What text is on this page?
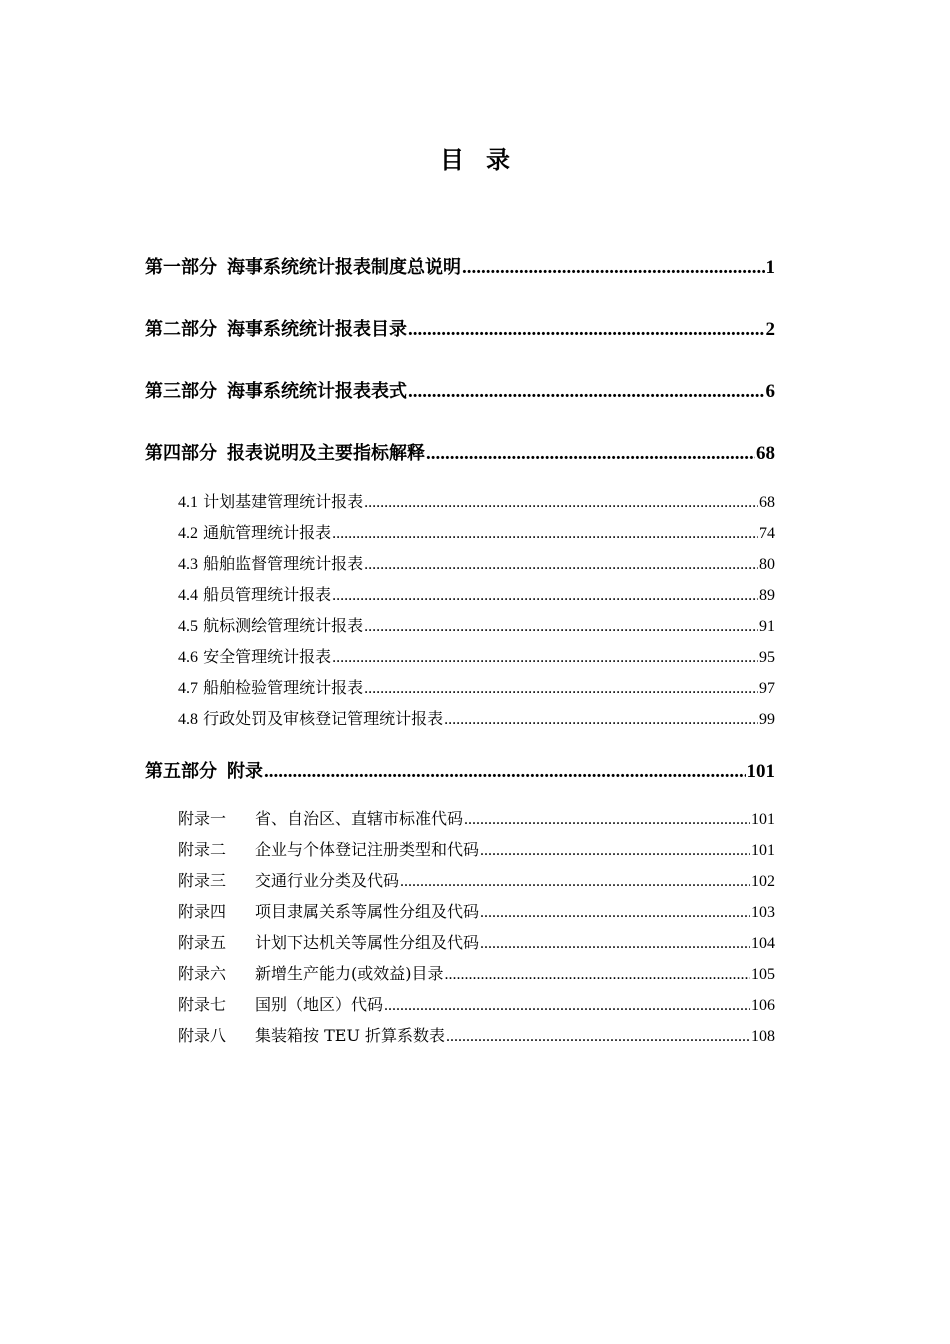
目 录
第一部分 海事系统统计报表制度总说明 .....	1
第二部分 海事系统统计报表目录 .....	2
第三部分 海事系统统计报表表式 .....	6
第四部分 报表说明及主要指标解释 .....	68
4.1 计划基建管理统计报表 .....	68
4.2 通航管理统计报表 .....	74
4.3 船舶监督管理统计报表 .....	80
4.4 船员管理统计报表 .....	89
4.5 航标测绘管理统计报表 .....	91
4.6 安全管理统计报表 .....	95
4.7 船舶检验管理统计报表 .....	97
4.8 行政处罚及审核登记管理统计报表 .....	99
第五部分 附录 .....	101
附录一 省、自治区、直辖市标准代码 .....	101
附录二 企业与个体登记注册类型和代码 .....	101
附录三 交通行业分类及代码 .....	102
附录四 项目隶属关系等属性分组及代码 .....	103
附录五 计划下达机关等属性分组及代码 .....	104
附录六 新增生产能力(或效益)目录 .....	105
附录七 国别（地区）代码 .....	106
附录八 集装箱按 TEU 折算系数表 .....	108
